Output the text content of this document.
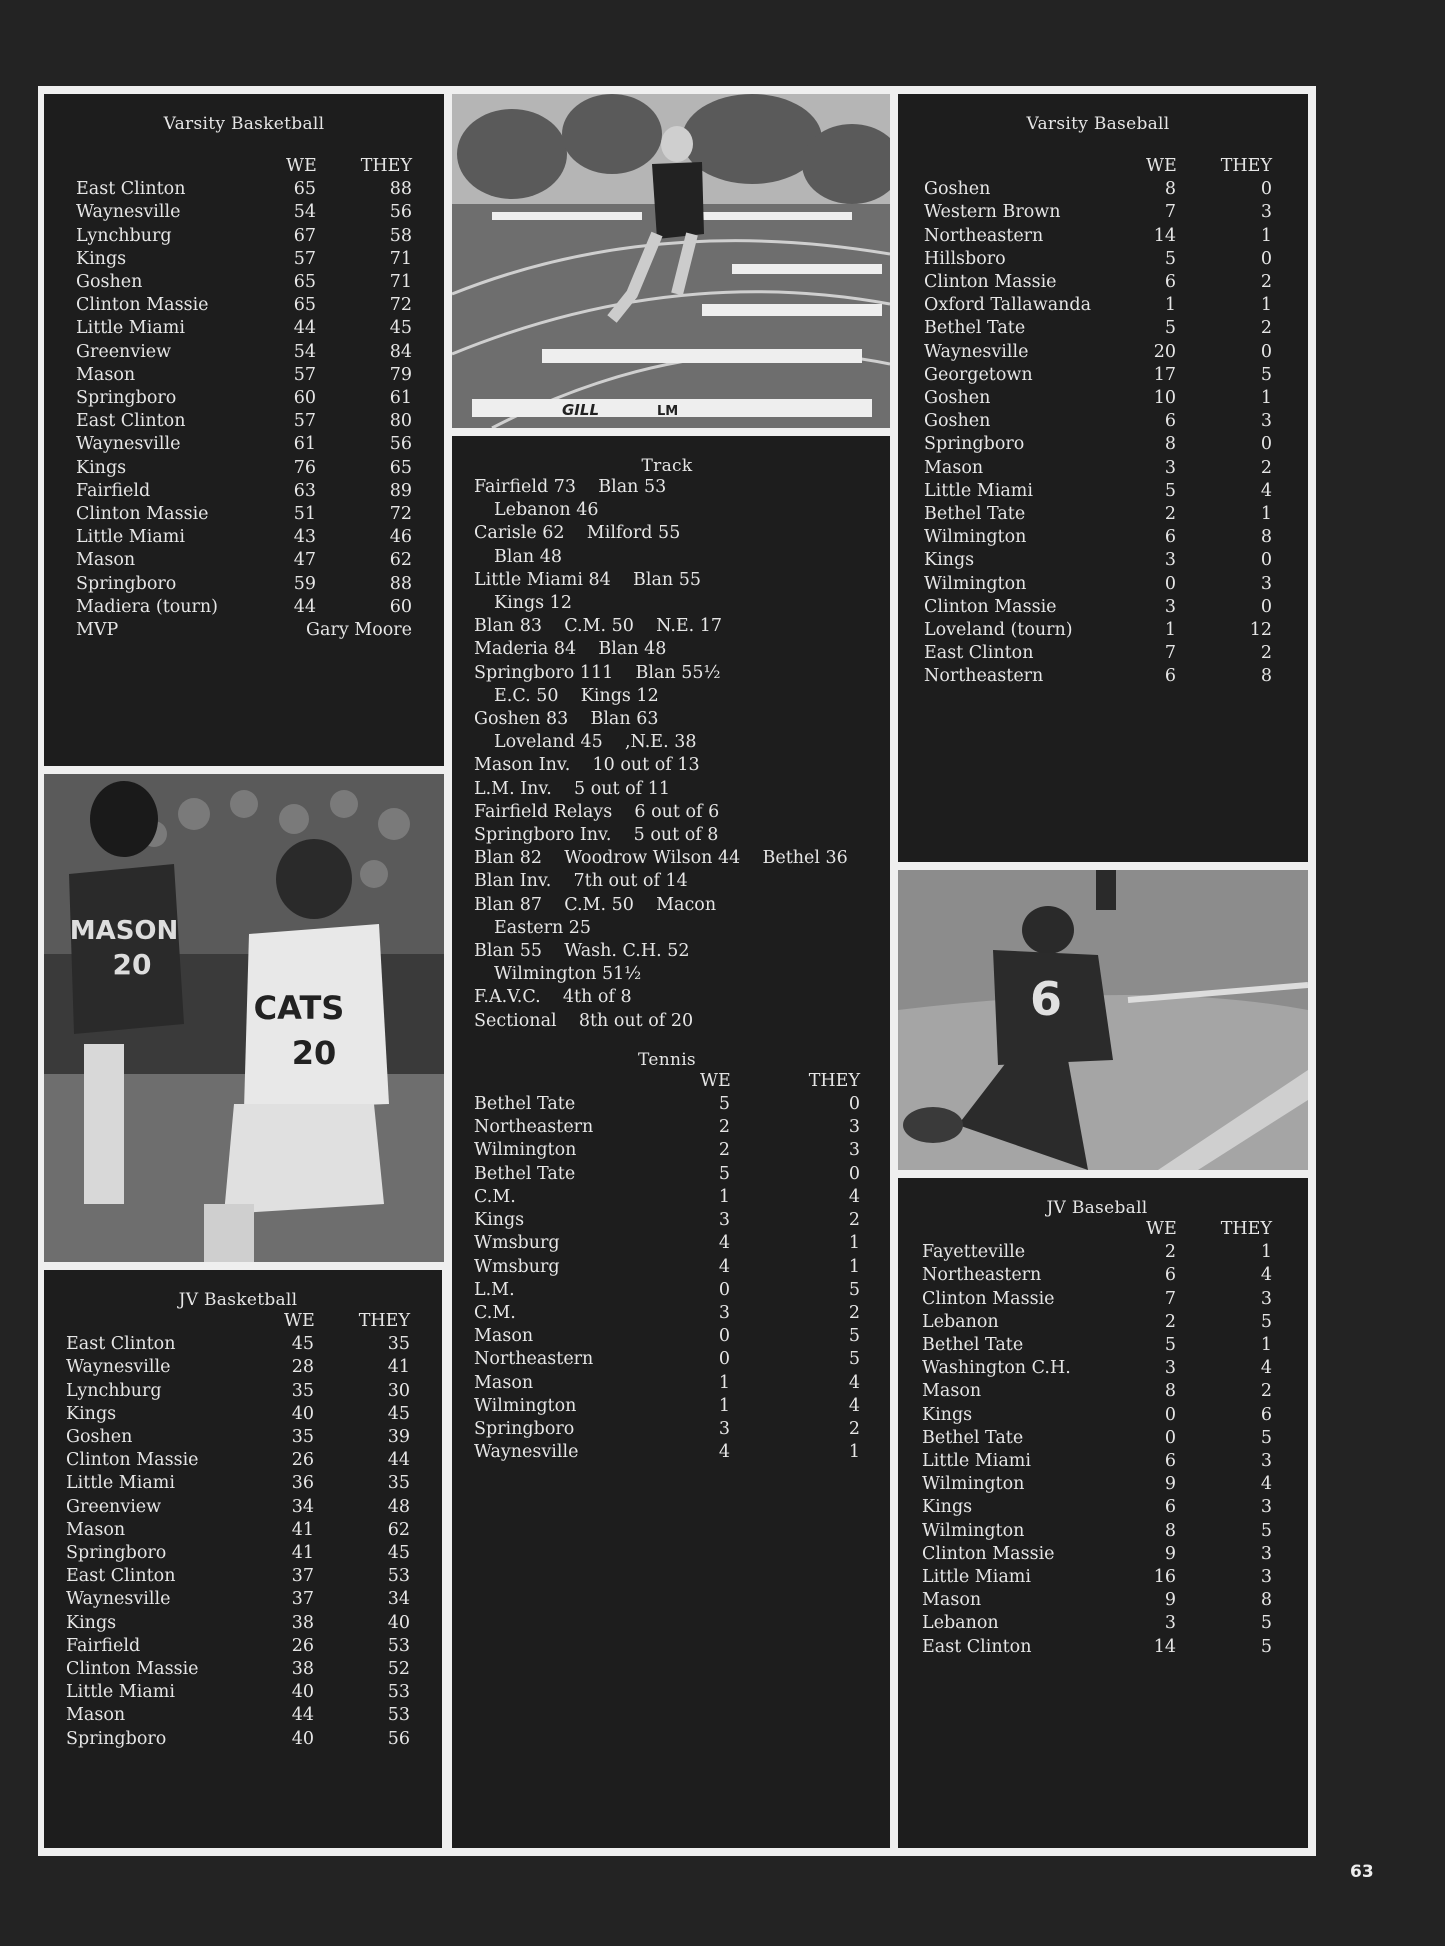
Varsity Basketball
WE	THEY
East Clinton	65	88
Waynesville	54	56
Lynchburg	67	58
Kings	57	71
Goshen	65	71
Clinton Massie	65	72
Little Miami	44	45
Greenview	54	84
Mason	57	79
Springboro	60	61
East Clinton	57	80
Waynesville	61	56
Kings	76	65
Fairfield	63	89
Clinton Massie	51	72
Little Miami	43	46
Mason	47	62
Springboro	59	88
Madiera (tourn)	44	60
MVP	Gary Moore
MASON
20
CATS
20
JV Basketball
WE	THEY
East Clinton	45	35
Waynesville	28	41
Lynchburg	35	30
Kings	40	45
Goshen	35	39
Clinton Massie	26	44
Little Miami	36	35
Greenview	34	48
Mason	41	62
Springboro	41	45
East Clinton	37	53
Waynesville	37	34
Kings	38	40
Fairfield	26	53
Clinton Massie	38	52
Little Miami	40	53
Mason	44	53
Springboro	40	56
GILL	LM
Track
Fairfield 73    Blan 53
Lebanon 46
Carisle 62    Milford 55
Blan 48
Little Miami 84    Blan 55
Kings 12
Blan 83    C.M. 50    N.E. 17
Maderia 84    Blan 48
Springboro 111    Blan 55½
E.C. 50    Kings 12
Goshen 83    Blan 63
Loveland 45    ,N.E. 38
Mason Inv.    10 out of 13
L.M. Inv.    5 out of 11
Fairfield Relays    6 out of 6
Springboro Inv.    5 out of 8
Blan 82    Woodrow Wilson 44    Bethel 36
Blan Inv.    7th out of 14
Blan 87    C.M. 50    Macon
Eastern 25
Blan 55    Wash. C.H. 52
Wilmington 51½
F.A.V.C.    4th of 8
Sectional    8th out of 20
Tennis
WE	THEY
Bethel Tate	5	0
Northeastern	2	3
Wilmington	2	3
Bethel Tate	5	0
C.M.	1	4
Kings	3	2
Wmsburg	4	1
Wmsburg	4	1
L.M.	0	5
C.M.	3	2
Mason	0	5
Northeastern	0	5
Mason	1	4
Wilmington	1	4
Springboro	3	2
Waynesville	4	1
Varsity Baseball
WE	THEY
Goshen	8	0
Western Brown	7	3
Northeastern	14	1
Hillsboro	5	0
Clinton Massie	6	2
Oxford Tallawanda	1	1
Bethel Tate	5	2
Waynesville	20	0
Georgetown	17	5
Goshen	10	1
Goshen	6	3
Springboro	8	0
Mason	3	2
Little Miami	5	4
Bethel Tate	2	1
Wilmington	6	8
Kings	3	0
Wilmington	0	3
Clinton Massie	3	0
Loveland (tourn)	1	12
East Clinton	7	2
Northeastern	6	8
6
JV Baseball
WE	THEY
Fayetteville	2	1
Northeastern	6	4
Clinton Massie	7	3
Lebanon	2	5
Bethel Tate	5	1
Washington C.H.	3	4
Mason	8	2
Kings	0	6
Bethel Tate	0	5
Little Miami	6	3
Wilmington	9	4
Kings	6	3
Wilmington	8	5
Clinton Massie	9	3
Little Miami	16	3
Mason	9	8
Lebanon	3	5
East Clinton	14	5
63
